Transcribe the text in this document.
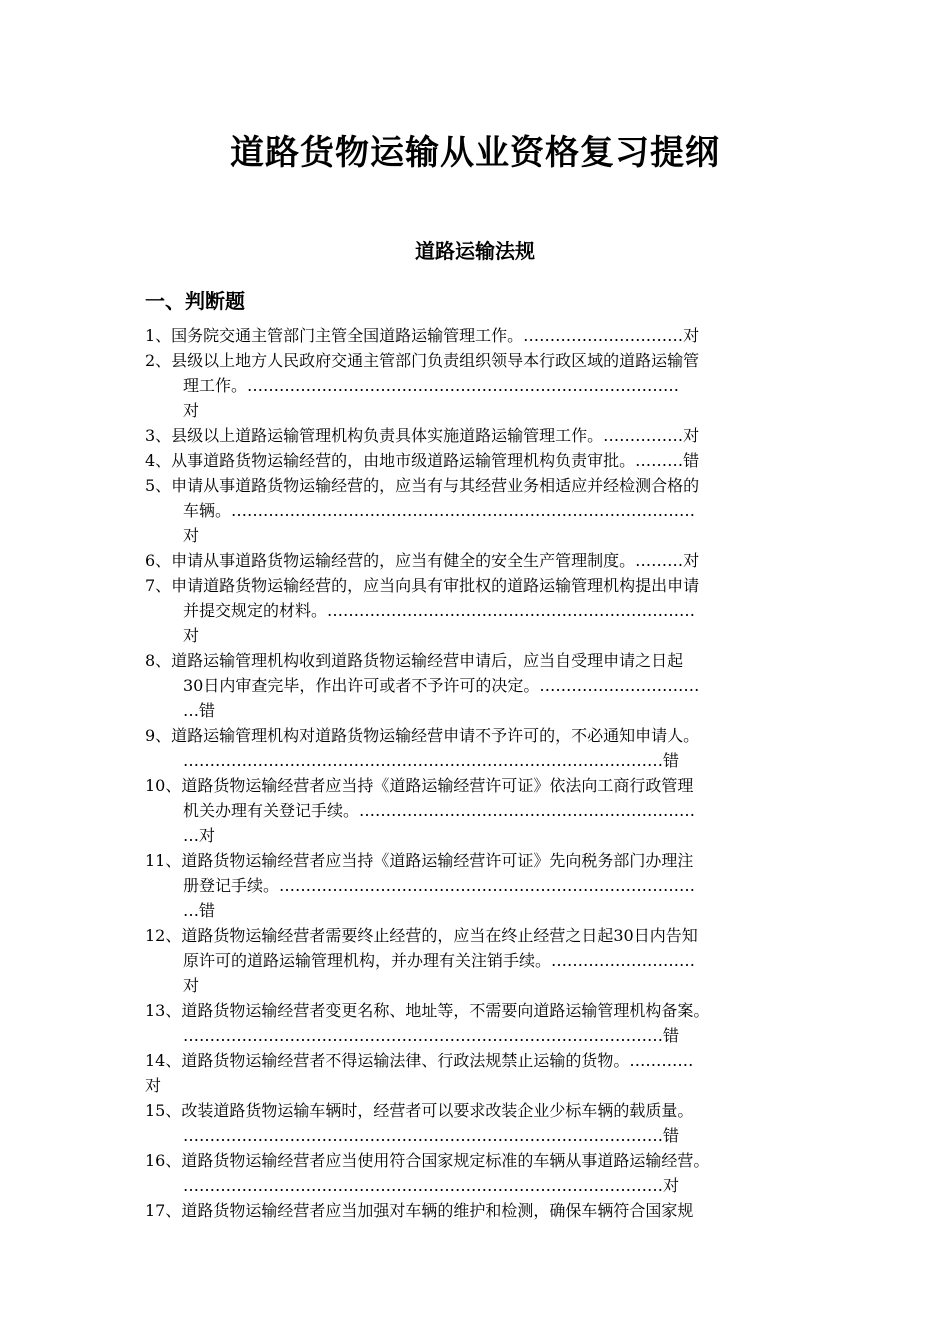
道路货物运输从业资格复习提纲
道路运输法规
一、判断题
1、国务院交通主管部门主管全国道路运输管理工作。…………………………对
2、县级以上地方人民政府交通主管部门负责组织领导本行政区域的道路运输管
理工作。………………………………………………………………………
对
3、县级以上道路运输管理机构负责具体实施道路运输管理工作。……………对
4、从事道路货物运输经营的，由地市级道路运输管理机构负责审批。………错
5、申请从事道路货物运输经营的，应当有与其经营业务相适应并经检测合格的
车辆。……………………………………………………………………………
对
6、申请从事道路货物运输经营的，应当有健全的安全生产管理制度。………对
7、申请道路货物运输经营的，应当向具有审批权的道路运输管理机构提出申请
并提交规定的材料。……………………………………………………………
对
8、道路运输管理机构收到道路货物运输经营申请后，应当自受理申请之日起
30日内审查完毕，作出许可或者不予许可的决定。…………………………
…错
9、道路运输管理机构对道路货物运输经营申请不予许可的，不必通知申请人。
………………………………………………………………………………错
10、道路货物运输经营者应当持《道路运输经营许可证》依法向工商行政管理
机关办理有关登记手续。………………………………………………………
…对
11、道路货物运输经营者应当持《道路运输经营许可证》先向税务部门办理注
册登记手续。……………………………………………………………………
…错
12、道路货物运输经营者需要终止经营的，应当在终止经营之日起30日内告知
原许可的道路运输管理机构，并办理有关注销手续。………………………
对
13、道路货物运输经营者变更名称、地址等，不需要向道路运输管理机构备案。
………………………………………………………………………………错
14、道路货物运输经营者不得运输法律、行政法规禁止运输的货物。…………
对
15、改装道路货物运输车辆时，经营者可以要求改装企业少标车辆的载质量。
………………………………………………………………………………错
16、道路货物运输经营者应当使用符合国家规定标准的车辆从事道路运输经营。
………………………………………………………………………………对
17、道路货物运输经营者应当加强对车辆的维护和检测，确保车辆符合国家规
